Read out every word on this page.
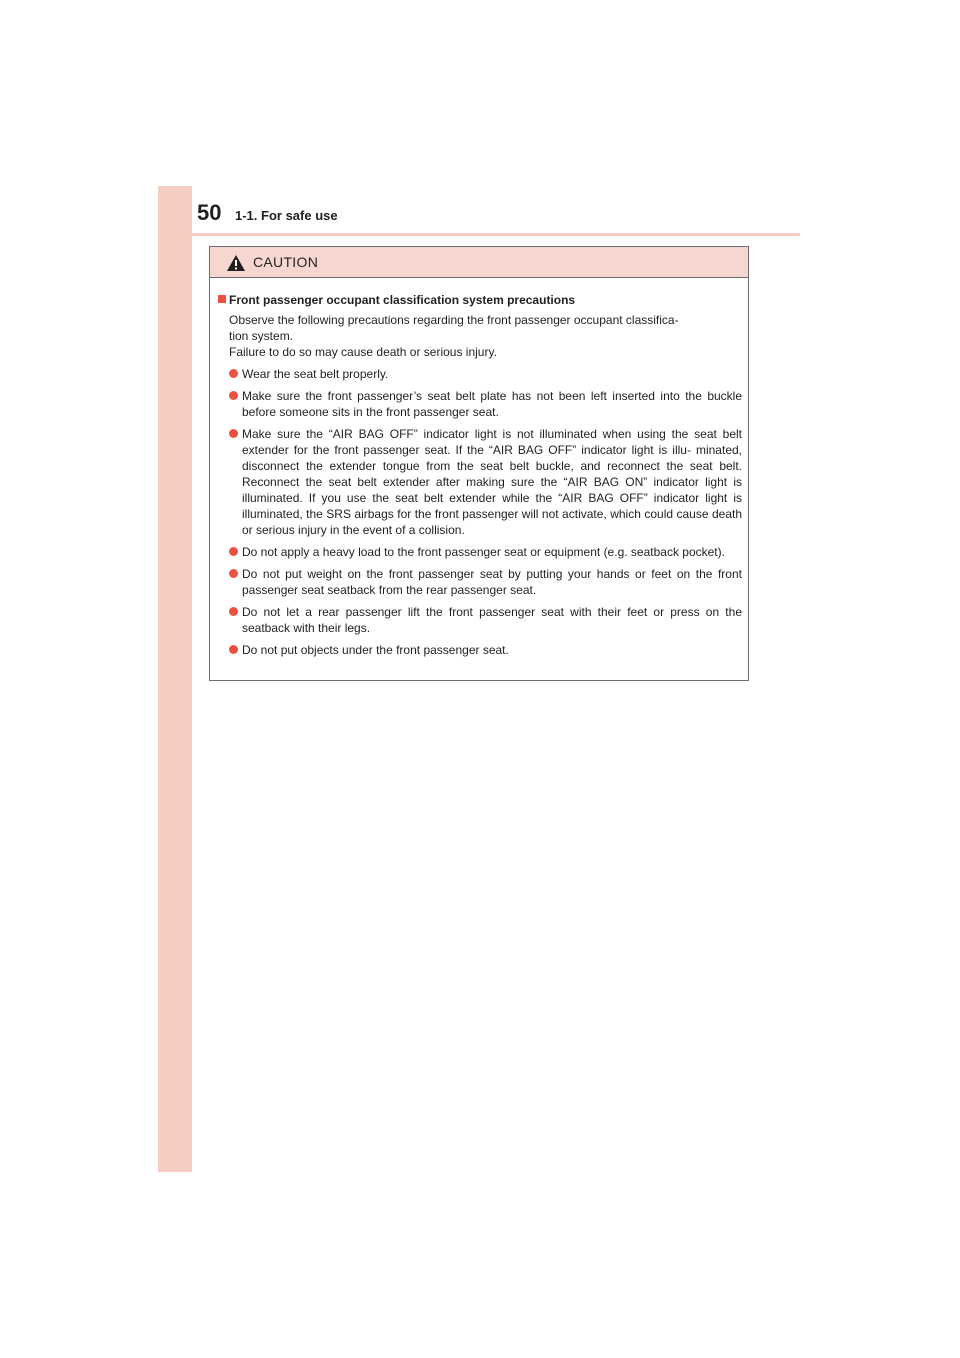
50 1-1. For safe use
CAUTION
Front passenger occupant classification system precautions

Observe the following precautions regarding the front passenger occupant classifica-

tion system.

Failure to do so may cause death or serious injury.

Wear the seat belt properly.
Make sure the front passenger’s seat belt plate has not been left inserted into the buckle before someone sits in the front passenger seat.
Make sure the “AIR BAG OFF” indicator light is not illuminated when using the seat belt extender for the front passenger seat. If the “AIR BAG OFF” indicator light is illu- minated, disconnect the extender tongue from the seat belt buckle, and reconnect the seat belt. Reconnect the seat belt extender after making sure the “AIR BAG ON” indicator light is illuminated. If you use the seat belt extender while the “AIR BAG OFF” indicator light is illuminated, the SRS airbags for the front passenger will not activate, which could cause death or serious injury in the event of a collision.
Do not apply a heavy load to the front passenger seat or equipment (e.g. seatback pocket).
Do not put weight on the front passenger seat by putting your hands or feet on the front passenger seat seatback from the rear passenger seat.
Do not let a rear passenger lift the front passenger seat with their feet or press on the seatback with their legs.
Do not put objects under the front passenger seat.
